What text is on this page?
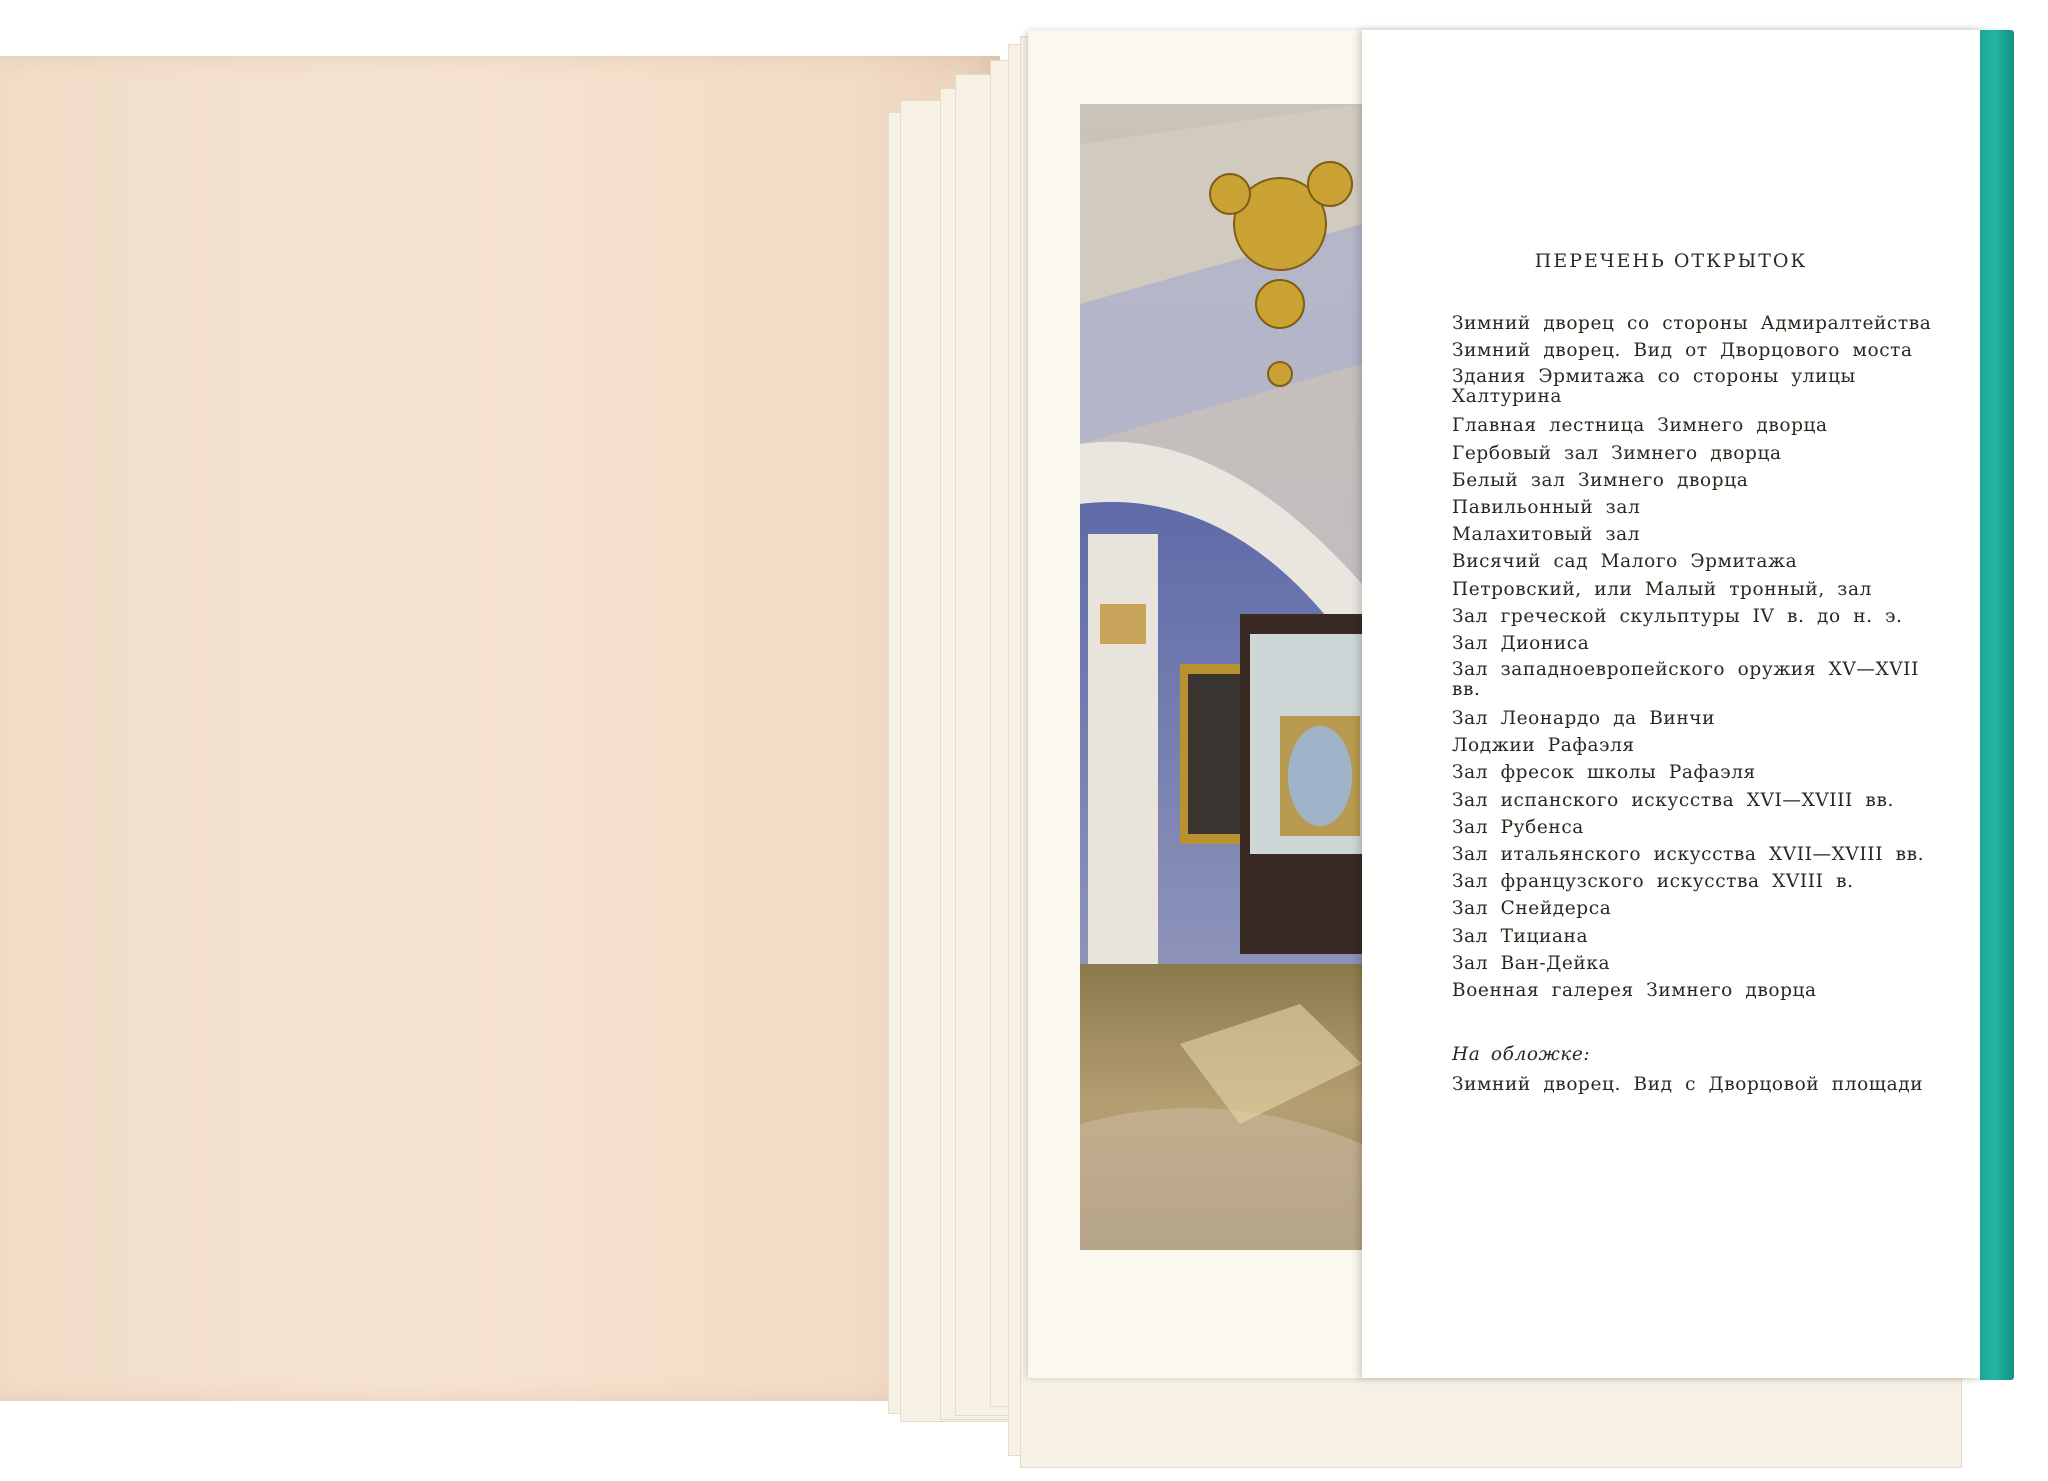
ПЕРЕЧЕНЬ ОТКРЫТОК
Зимний дворец со стороны Адмиралтейства
Зимний дворец. Вид от Дворцового моста
Здания Эрмитажа со стороны улицы Халтурина
Главная лестница Зимнего дворца
Гербовый зал Зимнего дворца
Белый зал Зимнего дворца
Павильонный зал
Малахитовый зал
Висячий сад Малого Эрмитажа
Петровский, или Малый тронный, зал
Зал греческой скульптуры IV в. до н. э.
Зал Диониса
Зал западноевропейского оружия XV—XVII вв.
Зал Леонардо да Винчи
Лоджии Рафаэля
Зал фресок школы Рафаэля
Зал испанского искусства XVI—XVIII вв.
Зал Рубенса
Зал итальянского искусства XVII—XVIII вв.
Зал французского искусства XVIII в.
Зал Снейдерса
Зал Тициана
Зал Ван-Дейка
Военная галерея Зимнего дворца
На обложке:
Зимний дворец. Вид с Дворцовой площади
